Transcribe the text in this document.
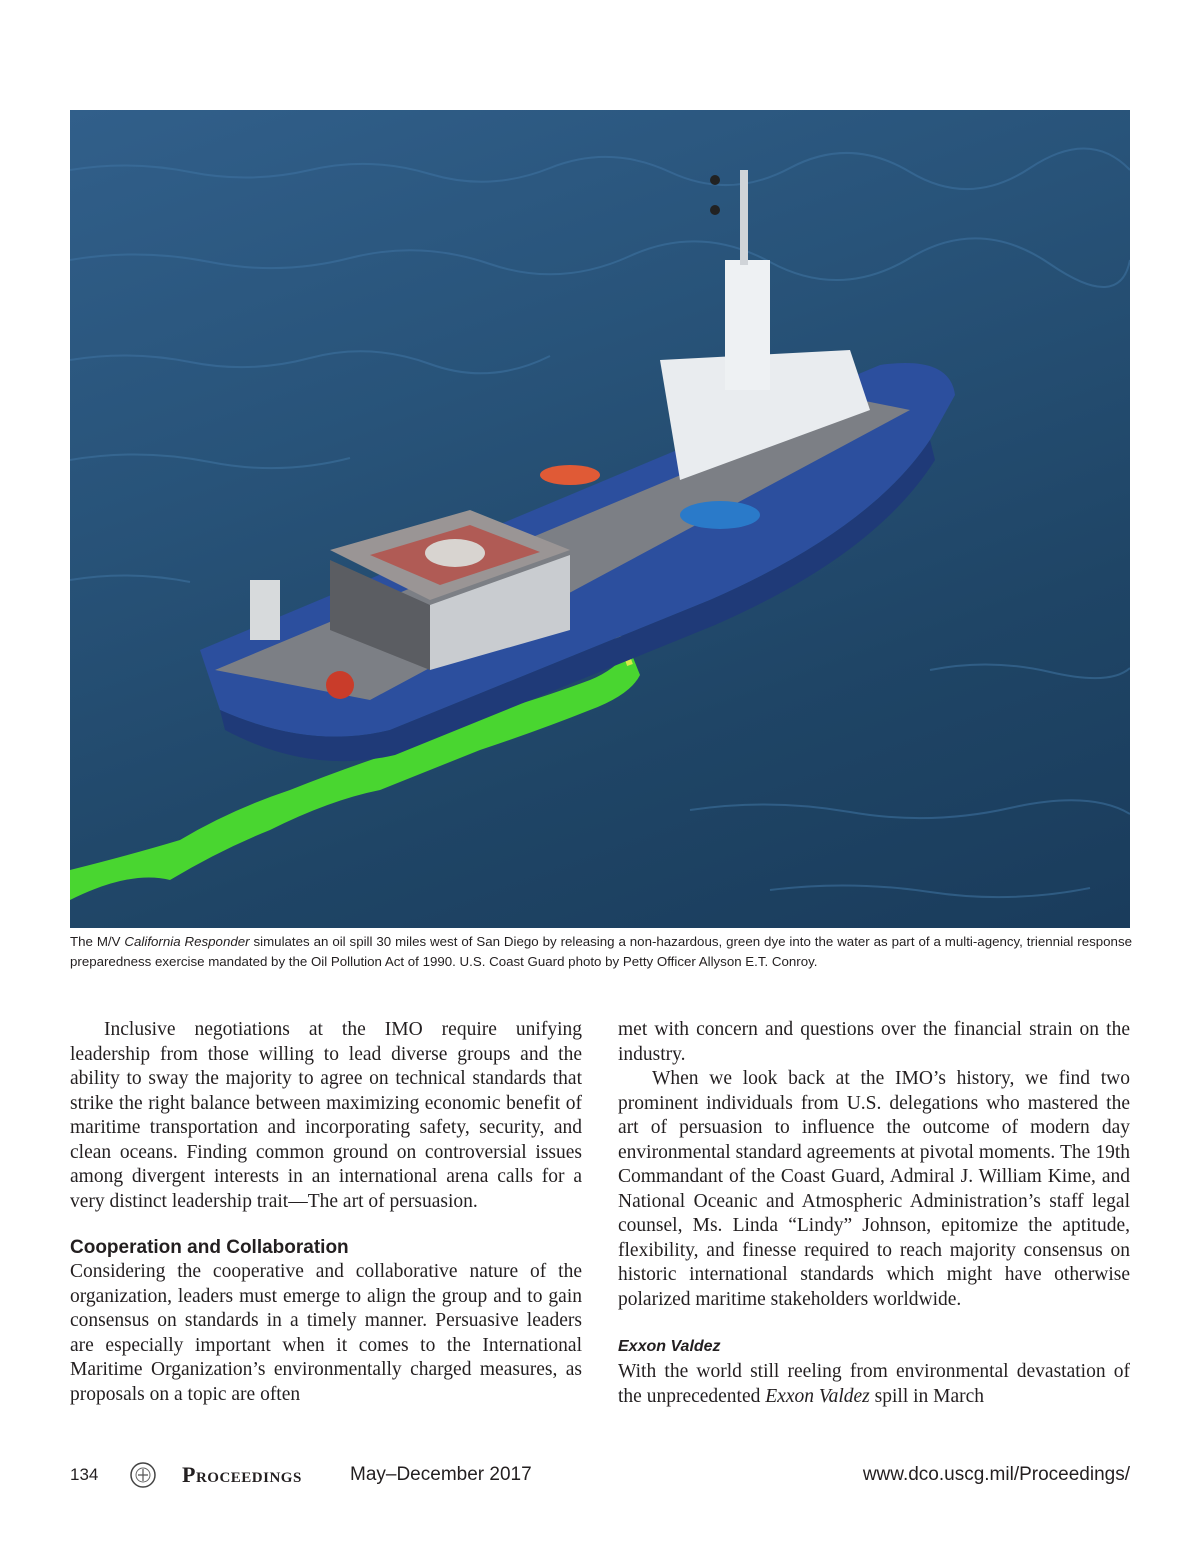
The M/V California Responder simulates an oil spill 30 miles west of San Diego by releasing a non-hazardous, green dye into the water as part of a multi-agency, triennial response preparedness exercise mandated by the Oil Pollution Act of 1990. U.S. Coast Guard photo by Petty Officer Allyson E.T. Conroy.

Inclusive negotiations at the IMO require unifying leadership from those willing to lead diverse groups and the ability to sway the majority to agree on technical standards that strike the right balance between maximizing economic benefit of maritime transportation and incorporating safety, security, and clean oceans. Finding common ground on controversial issues among divergent interests in an international arena calls for a very distinct leadership trait—The art of persuasion.

Cooperation and Collaboration

Considering the cooperative and collaborative nature of the organization, leaders must emerge to align the group and to gain consensus on standards in a timely manner. Persuasive leaders are especially important when it comes to the International Maritime Organization’s environmentally charged measures, as proposals on a topic are often

met with concern and questions over the financial strain on the industry.

When we look back at the IMO’s history, we find two prominent individuals from U.S. delegations who mastered the art of persuasion to influence the outcome of modern day environmental standard agreements at pivotal moments. The 19th Commandant of the Coast Guard, Admiral J. William Kime, and National Oceanic and Atmospheric Administration’s staff legal counsel, Ms. Linda “Lindy” Johnson, epitomize the aptitude, flexibility, and finesse required to reach majority consensus on historic international standards which might have otherwise polarized maritime stakeholders worldwide.

Exxon Valdez

With the world still reeling from environmental devastation of the unprecedented Exxon Valdez spill in March

134	Proceedings	May–December 2017	www.dco.uscg.mil/Proceedings/
